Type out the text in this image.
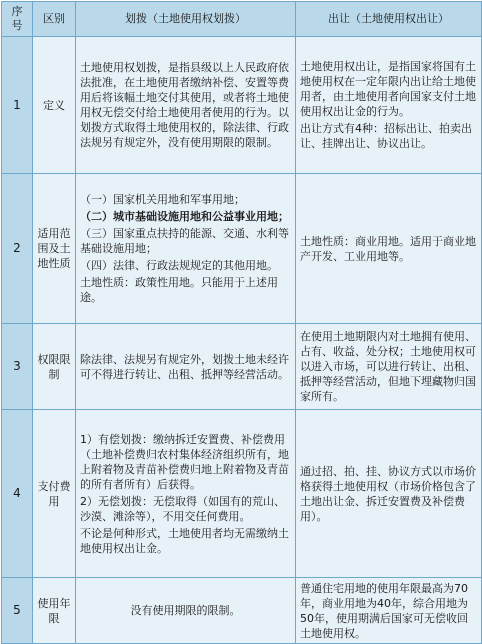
序
号	区别	划拨（土地使用权划拨）	出让（土地使用权出让）
1	定义	土地使用权划拨，是指县级以上人民政府依法批准，在土地使用者缴纳补偿、安置等费用后将该幅土地交付其使用，或者将土地使用权无偿交付给土地使用者使用的行为。以划拨方式取得土地使用权的，除法律、行政法规另有规定外，没有使用期限的限制。	土地使用权出让，是指国家将国有土地使用权在一定年限内出让给土地使用者，由土地使用者向国家支付土地使用权出让金的行为。

出让方式有4种：招标出让、拍卖出让、挂牌出让、协议出让。

2	适用范围及土地性质	（一）国家机关用地和军事用地；

（二）城市基础设施用地和公益事业用地；

（三）国家重点扶持的能源、交通、水利等基础设施用地；

（四）法律、行政法规规定的其他用地。

土地性质：政策性用地。只能用于上述用途。	土地性质：商业用地。适用于商业地产开发、工业用地等。

3	权限限制	除法律、法规另有规定外，划拨土地未经许可不得进行转让、出租、抵押等经营活动。	在使用土地期限内对土地拥有使用、占有、收益、处分权；土地使用权可以进入市场，可以进行转让、出租、抵押等经营活动，但地下埋藏物归国家所有。

4	支付费用	1）有偿划拨：缴纳拆迁安置费、补偿费用（土地补偿费归农村集体经济组织所有，地上附着物及青苗补偿费归地上附着物及青苗的所有者所有）后获得。

2）无偿划拨：无偿取得（如国有的荒山、沙漠、滩涂等），不用交任何费用。

不论是何种形式，土地使用者均无需缴纳土地使用权出让金。	通过招、拍、挂、协议方式以市场价格获得土地使用权（市场价格包含了土地出让金、拆迁安置费及补偿费用）。

5	使用年限	没有使用期限的限制。	普通住宅用地的使用年限最高为70年，商业用地为40年，综合用地为50年，使用期满后国家可无偿收回土地使用权。
